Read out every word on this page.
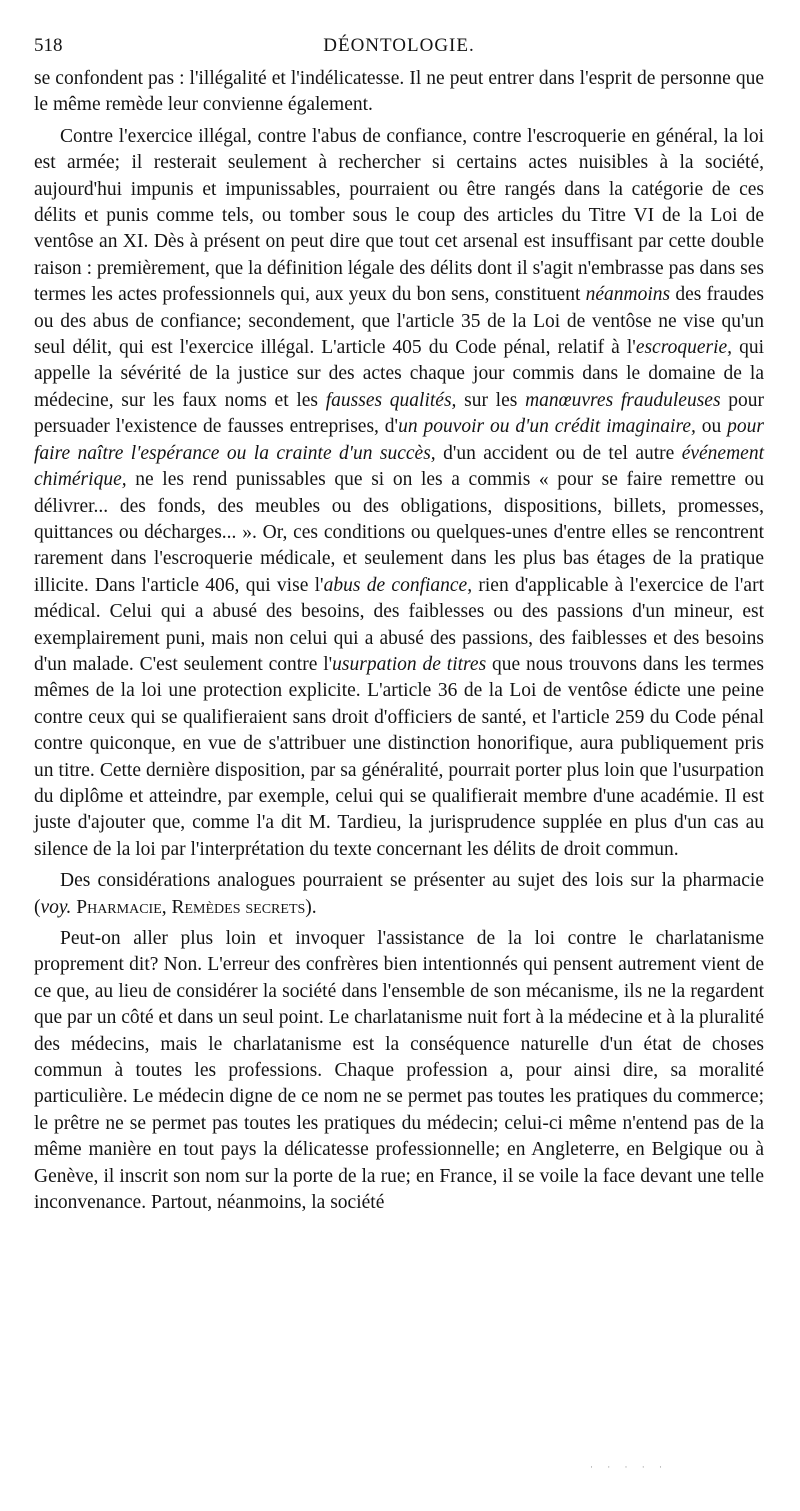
518	DÉONTOLOGIE.

se confondent pas : l'illégalité et l'indélicatesse. Il ne peut entrer dans l'esprit de personne que le même remède leur convienne également.

Contre l'exercice illégal, contre l'abus de confiance, contre l'escroquerie en général, la loi est armée; il resterait seulement à rechercher si certains actes nuisibles à la société, aujourd'hui impunis et impunissables, pourraient ou être rangés dans la catégorie de ces délits et punis comme tels, ou tomber sous le coup des articles du Titre VI de la Loi de ventôse an XI. Dès à présent on peut dire que tout cet arsenal est insuffisant par cette double raison : premièrement, que la définition légale des délits dont il s'agit n'embrasse pas dans ses termes les actes professionnels qui, aux yeux du bon sens, constituent néanmoins des fraudes ou des abus de confiance; secondement, que l'article 35 de la Loi de ventôse ne vise qu'un seul délit, qui est l'exercice illégal. L'article 405 du Code pénal, relatif à l'escroquerie, qui appelle la sévérité de la justice sur des actes chaque jour commis dans le domaine de la médecine, sur les faux noms et les fausses qualités, sur les manœuvres frauduleuses pour persuader l'existence de fausses entreprises, d'un pouvoir ou d'un crédit imaginaire, ou pour faire naître l'espérance ou la crainte d'un succès, d'un accident ou de tel autre événement chimérique, ne les rend punissables que si on les a commis « pour se faire remettre ou délivrer... des fonds, des meubles ou des obligations, dispositions, billets, promesses, quittances ou décharges... ». Or, ces conditions ou quelques-unes d'entre elles se rencontrent rarement dans l'escroquerie médicale, et seulement dans les plus bas étages de la pratique illicite. Dans l'article 406, qui vise l'abus de confiance, rien d'applicable à l'exercice de l'art médical. Celui qui a abusé des besoins, des faiblesses ou des passions d'un mineur, est exemplairement puni, mais non celui qui a abusé des passions, des faiblesses et des besoins d'un malade. C'est seulement contre l'usurpation de titres que nous trouvons dans les termes mêmes de la loi une protection explicite. L'article 36 de la Loi de ventôse édicte une peine contre ceux qui se qualifieraient sans droit d'officiers de santé, et l'article 259 du Code pénal contre quiconque, en vue de s'attribuer une distinction honorifique, aura publiquement pris un titre. Cette dernière disposition, par sa généralité, pourrait porter plus loin que l'usurpation du diplôme et atteindre, par exemple, celui qui se qualifierait membre d'une académie. Il est juste d'ajouter que, comme l'a dit M. Tardieu, la jurisprudence supplée en plus d'un cas au silence de la loi par l'interprétation du texte concernant les délits de droit commun.

Des considérations analogues pourraient se présenter au sujet des lois sur la pharmacie (voy. Pharmacie, Remèdes secrets).

Peut-on aller plus loin et invoquer l'assistance de la loi contre le charlatanisme proprement dit? Non. L'erreur des confrères bien intentionnés qui pensent autrement vient de ce que, au lieu de considérer la société dans l'ensemble de son mécanisme, ils ne la regardent que par un côté et dans un seul point. Le charlatanisme nuit fort à la médecine et à la pluralité des médecins, mais le charlatanisme est la conséquence naturelle d'un état de choses commun à toutes les professions. Chaque profession a, pour ainsi dire, sa moralité particulière. Le médecin digne de ce nom ne se permet pas toutes les pratiques du commerce; le prêtre ne se permet pas toutes les pratiques du médecin; celui-ci même n'entend pas de la même manière en tout pays la délicatesse professionnelle; en Angleterre, en Belgique ou à Genève, il inscrit son nom sur la porte de la rue; en France, il se voile la face devant une telle inconvenance. Partout, néanmoins, la société

· · · · ·
